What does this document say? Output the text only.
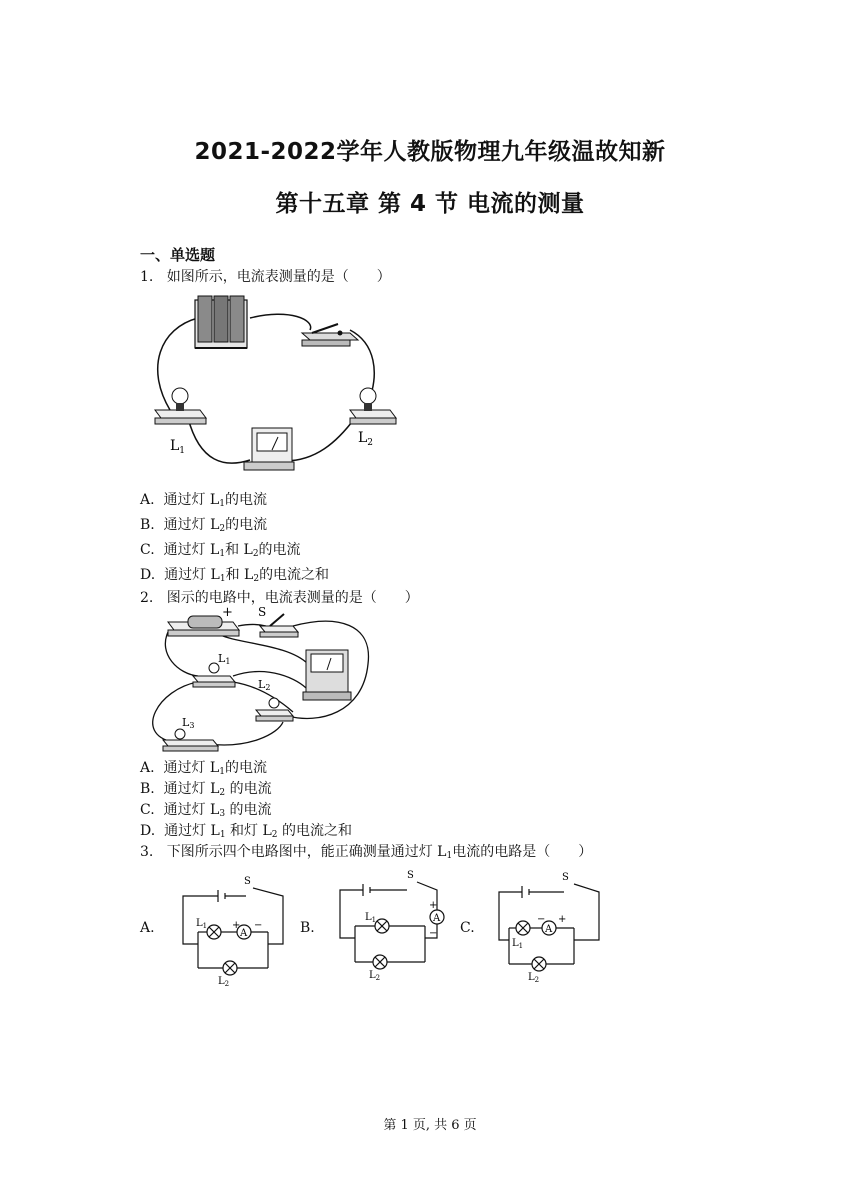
2021-2022学年人教版物理九年级温故知新
第十五章 第 4 节 电流的测量
一、单选题
1. 如图所示，电流表测量的是（　　）
$L_1$
$L_2$
A. 通过灯 $L_1$的电流
B. 通过灯 $L_2$的电流
C. 通过灯 $L_1$和 $L_2$的电流
D. 通过灯 $L_1$和 $L_2$的电流之和
2. 图示的电路中，电流表测量的是（　　）
+ S
L1
L2
L3
A. 通过灯 $L_1$的电流
B. 通过灯 $L_2$ 的电流
C. 通过灯 $L_3$ 的电流
D. 通过灯 $L_1$ 和灯 $L_2$ 的电流之和
3. 下图所示四个电路图中，能正确测量通过灯 $L_1$电流的电路是（　　）
A.	B.	C.
S
A
+ −
$L_1$
$L_2$
S
A
+
−
$L_1$
$L_2$
S
A
− +
$L_1$
$L_2$
第 1 页, 共 6 页
